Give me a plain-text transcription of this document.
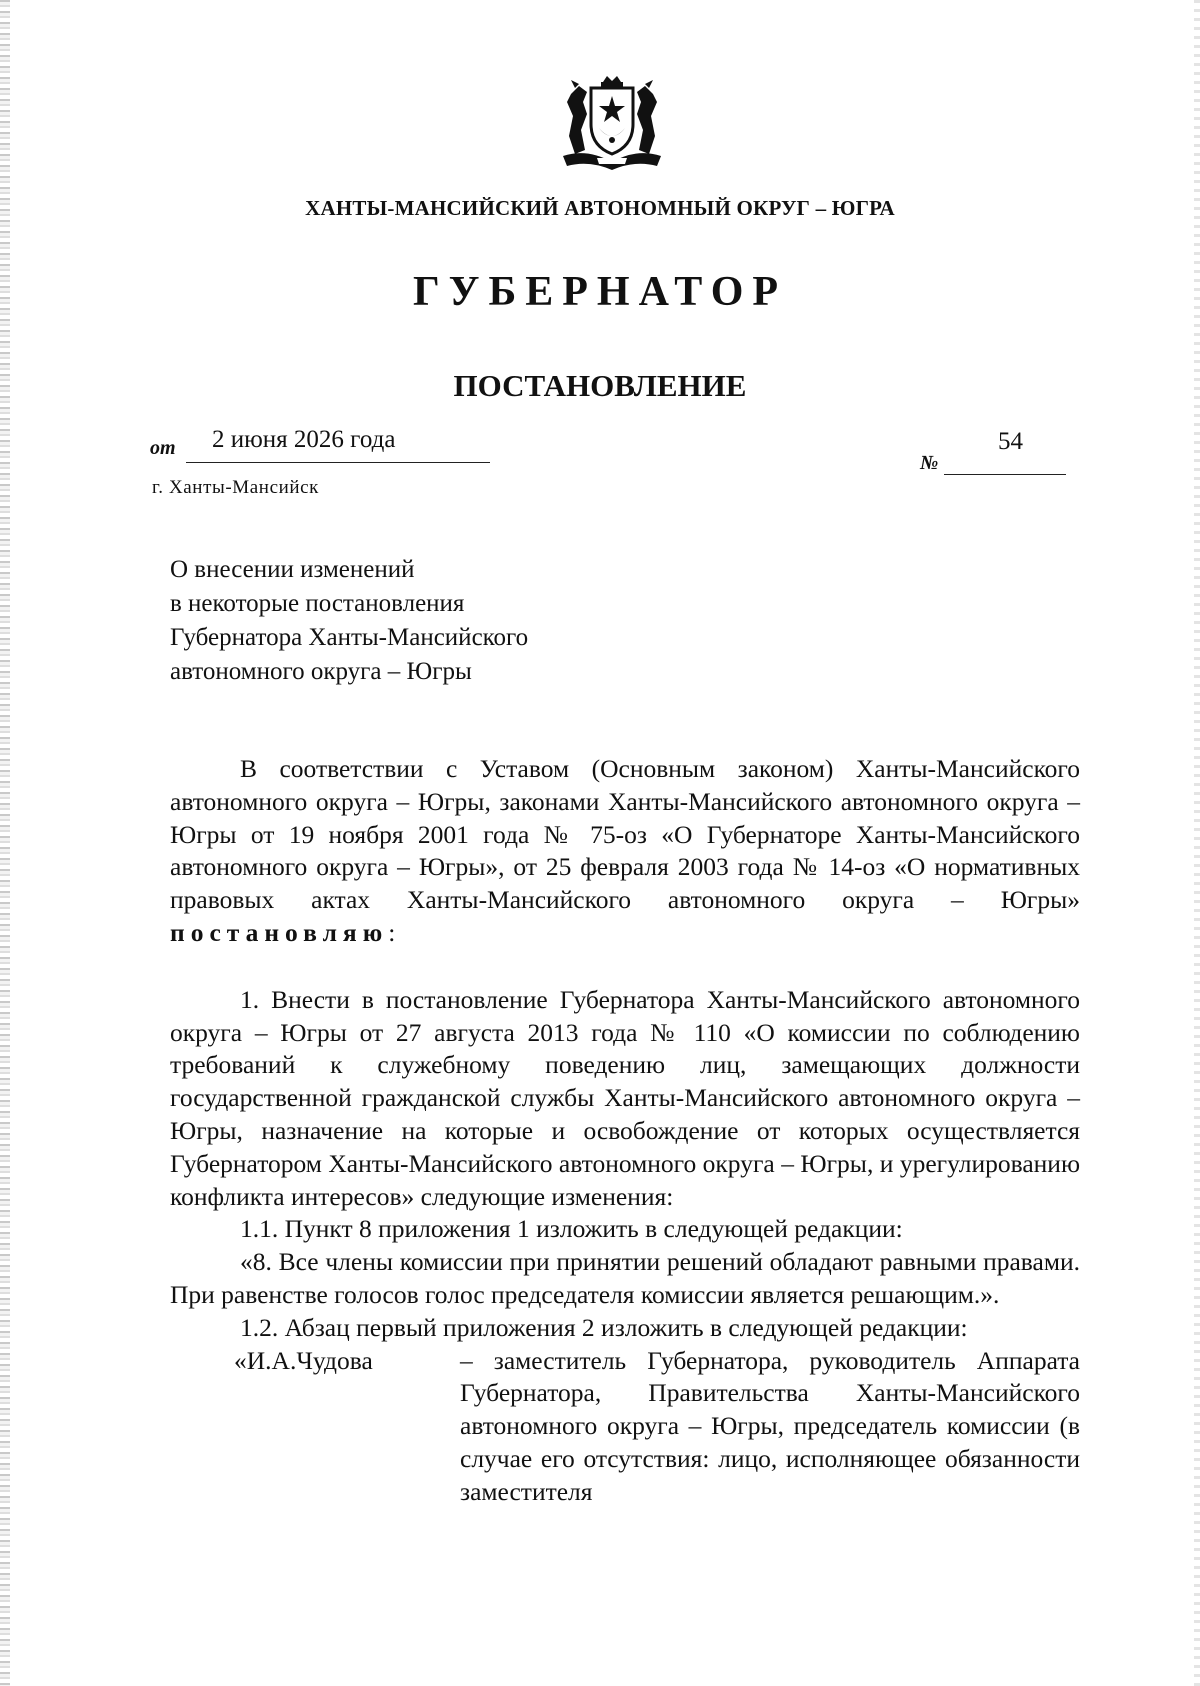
ХАНТЫ-МАНСИЙСКИЙ АВТОНОМНЫЙ ОКРУГ – ЮГРА
ГУБЕРНАТОР
ПОСТАНОВЛЕНИЕ
от 2 июня 2026 года
№
54
г. Ханты-Мансийск
О внесении изменений
в некоторые постановления
Губернатора Ханты-Мансийского
автономного округа – Югры

В соответствии с Уставом (Основным законом) Ханты-Мансийского автономного округа – Югры, законами Ханты-Мансийского автономного округа – Югры от 19 ноября 2001 года № 75-оз «О Губернаторе Ханты-Мансийского автономного округа – Югры», от 25 февраля 2003 года № 14-оз «О нормативных правовых актах Ханты-Мансийского автономного округа – Югры» постановляю:

1. Внести в постановление Губернатора Ханты-Мансийского автономного округа – Югры от 27 августа 2013 года № 110 «О комиссии по соблюдению требований к служебному поведению лиц, замещающих должности государственной гражданской службы Ханты-Мансийского автономного округа – Югры, назначение на которые и освобождение от которых осуществляется Губернатором Ханты-Мансийского автономного округа – Югры, и урегулированию конфликта интересов» следующие изменения:

1.1. Пункт 8 приложения 1 изложить в следующей редакции:

«8. Все члены комиссии при принятии решений обладают равными правами. При равенстве голосов голос председателя комиссии является решающим.».

1.2. Абзац первый приложения 2 изложить в следующей редакции:

«И.А.Чудова	– заместитель Губернатора, руководитель Аппарата Губернатора, Правительства Ханты-Мансийского автономного округа – Югры, председатель комиссии (в случае его отсутствия: лицо, исполняющее обязанности заместителя
